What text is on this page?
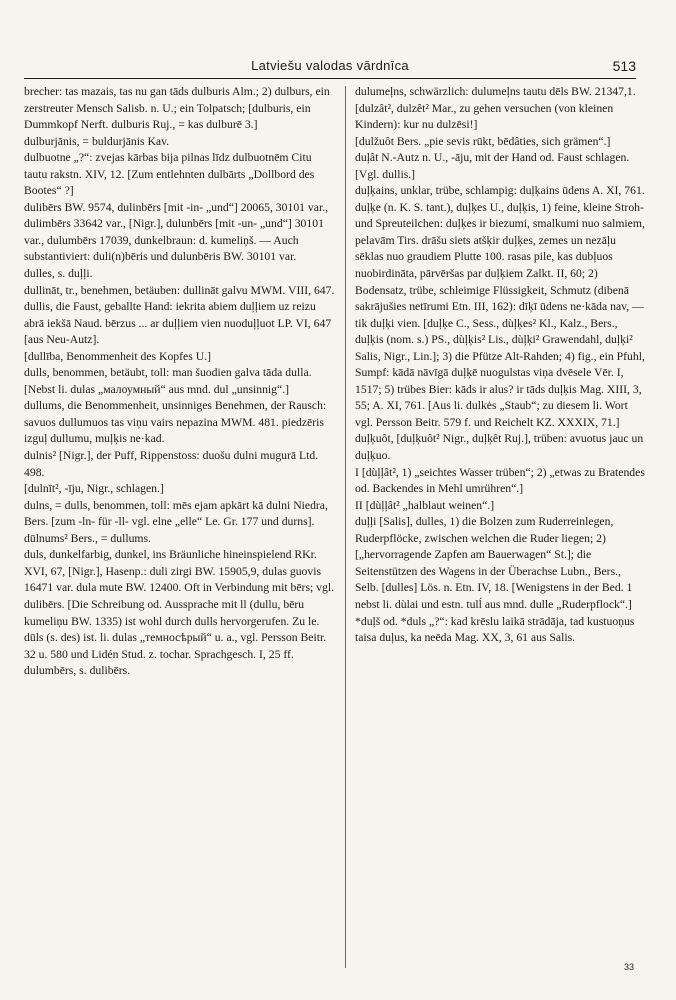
Latviešu valodas vārdnīca	513

brecher: tas mazais, tas nu gan tāds dulburis Alm.; 2) dulburs, ein zerstreuter Mensch Salisb. n. U.; ein Tolpatsch; [dulburis, ein Dummkopf Nerft. dulburis Ruj., = kas dulburē 3.]

dulburjānis, = buldurjānis Kav.

dulbuotne „?“: zvejas kārbas bija pilnas līdz dulbuotnēm Citu tautu rakstn. XIV, 12. [Zum entlehnten dulbārts „Dollbord des Bootes“ ?]

dulibērs BW. 9574, dulinbērs [mit -in- „und“] 20065, 30101 var., dulimbērs 33642 var., [Nigr.], dulunbērs [mit -un- „und“] 30101 var., dulumbērs 17039, dunkelbraun: d. kumeliņš. — Auch substantiviert: duli(n)bēris und dulunbēris BW. 30101 var.

dulles, s. duļļi.

dullināt, tr., benehmen, betäuben: dullināt galvu MWM. VIII, 647.

dullis, die Faust, geballte Hand: iekrita abiem duļļiem uz reizu abrā iekšā Naud. bērzus ... ar duļļiem vien nuoduļļuot LP. VI, 647 [aus Neu-Autz].

[dullība, Benommenheit des Kopfes U.]

dulls, benommen, betäubt, toll: man šuodien galva tāda dulla. [Nebst li. dulas „малоумный“ aus mnd. dul „unsinnig“.]

dullums, die Benommenheit, unsinniges Benehmen, der Rausch: savuos dullumuos tas viņu vairs nepazina MWM. 481. piedzēris izguļ dullumu, muļķis ne·kad.

dulnis² [Nigr.], der Puff, Rippenstoss: duošu dulni mugurā Ltd. 498.

[dulnīt², -īju, Nigr., schlagen.]

dulns, = dulls, benommen, toll: mēs ejam apkārt kā dulni Niedra, Bers. [zum -ln- für -ll- vgl. elne „elle“ Le. Gr. 177 und durns].

dūlnums² Bers., = dullums.

duls, dunkelfarbig, dunkel, ins Bräunliche hineinspielend RKr. XVI, 67, [Nigr.], Hasenp.: duli zirgi BW. 15905,9, dulas guovis 16471 var. dula mute BW. 12400. Oft in Verbindung mit bērs; vgl. dulibērs. [Die Schreibung od. Aussprache mit ll (dullu, bēru kumeliņu BW. 1335) ist wohl durch dulls hervorgerufen. Zu le. dūls (s. des) ist. li. dulas „темносѣрый“ u. a., vgl. Persson Beitr. 32 u. 580 und Lidén Stud. z. tochar. Sprachgesch. I, 25 ff.

dulumbērs, s. dulibērs.

dulumeļns, schwärzlich: dulumeļns tautu dēls BW. 21347,1.

[dulzât², dulzêt² Mar., zu gehen versuchen (von kleinen Kindern): kur nu dulzēsi!]

[dulžuôt Bers. „pie sevis rūkt, bēdâties, sich grämen“.]

duļât N.-Autz n. U., -āju, mit der Hand od. Faust schlagen. [Vgl. dullis.]

duļķains, unklar, trübe, schlampig: duļķains ūdens A. XI, 761.

duļķe (n. K. S. tant.), duļķes U., duļķis, 1) feine, kleine Stroh- und Spreuteilchen: duļķes ir biezumi, smalkumi nuo salmiem, pelavām Tirs. drāšu siets atšķir duļķes, zemes un nezāļu sēklas nuo graudiem Plutte 100. rasas pile, kas dubļuos nuobirdināta, pārvēršas par duļķiem Zalkt. II, 60; 2) Bodensatz, trübe, schleimige Flüssigkeit, Schmutz (dibenā sakrājušies netīrumi Etn. III, 162): dīķī ūdens ne·kāda nav, — tik duļķi vien. [duļķe C., Sess., dùļķes² Kl., Kalz., Bers., duļķis (nom. s.) PS., dùļķis² Lis., dùļķi² Grawendahl, duļķi² Salis, Nigr., Lin.]; 3) die Pfütze Alt-Rahden; 4) fig., ein Pfuhl, Sumpf: kādā nāvīgā duļķē nuogulstas viņa dvēsele Vēr. I, 1517; 5) trübes Bier: kāds ir alus? ir tāds duļķis Mag. XIII, 3, 55; A. XI, 761. [Aus li. dulkės „Staub“; zu diesem li. Wort vgl. Persson Beitr. 579 f. und Reichelt KZ. XXXIX, 71.]

duļķuôt, [duļķuôt² Nigr., duļķêt Ruj.], trüben: avuotus jauc un duļķuo.

I [dùļļât², 1) „seichtes Wasser trüben“; 2) „etwas zu Bratendes od. Backendes in Mehl umrühren“.]

II [dùļļât² „halblaut weinen“.]

duļļi [Salis], dulles, 1) die Bolzen zum Ruderreinlegen, Ruderpflöcke, zwischen welchen die Ruder liegen; 2) [„hervorragende Zapfen am Bauerwagen“ St.]; die Seitenstützen des Wagens in der Überachse Lubn., Bers., Selb. [dulles] Lös. n. Etn. IV, 18. [Wenigstens in der Bed. 1 nebst li. dùlai und estn. tulĺ aus mnd. dulle „Ruderpflock“.]

*duļš od. *duls „?“: kad krēslu laikā strādāja, tad kustuoņus taisa duļus, ka neēda Mag. XX, 3, 61 aus Salis.

33
